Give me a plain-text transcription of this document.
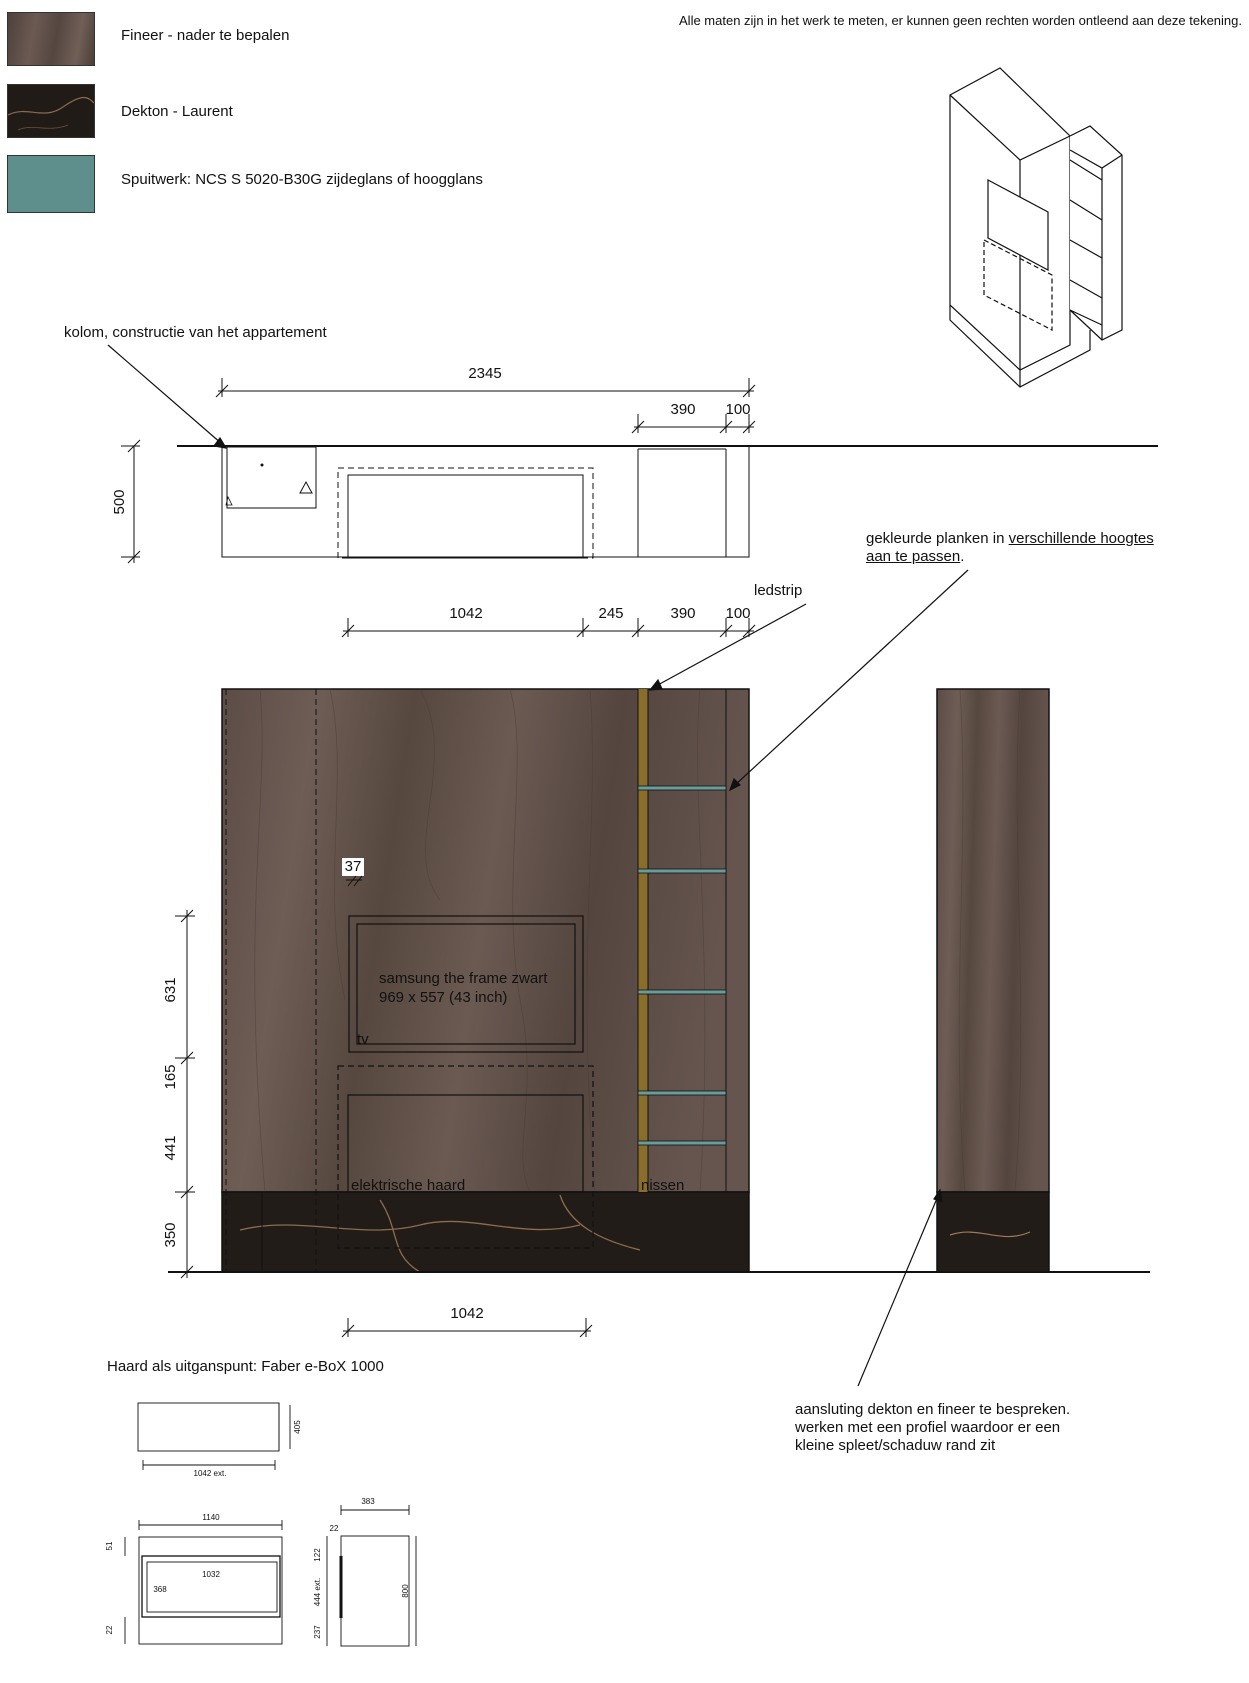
Fineer - nader te bepalen
Dekton - Laurent
Spuitwerk: NCS S 5020-B30G zijdeglans of hoogglans
Alle maten zijn in het werk te meten, er kunnen geen rechten worden ontleend aan deze tekening.
2345
390 100
500
1042	245	390 100
631
165
441
350
1042
37
samsung the frame zwart
969 x 557 (43 inch)
tv
elektrische haard	nissen
1042 ext.
405
1140
1032
368
51
22
383
22
122
444 ext.
237
800
kolom, constructie van het appartement
gekleurde planken in verschillende hoogtes
aan te passen.
ledstrip
aansluting dekton en fineer te bespreken.
werken met een profiel waardoor er een
kleine spleet/schaduw rand zit
Haard als uitganspunt: Faber e-BoX 1000
